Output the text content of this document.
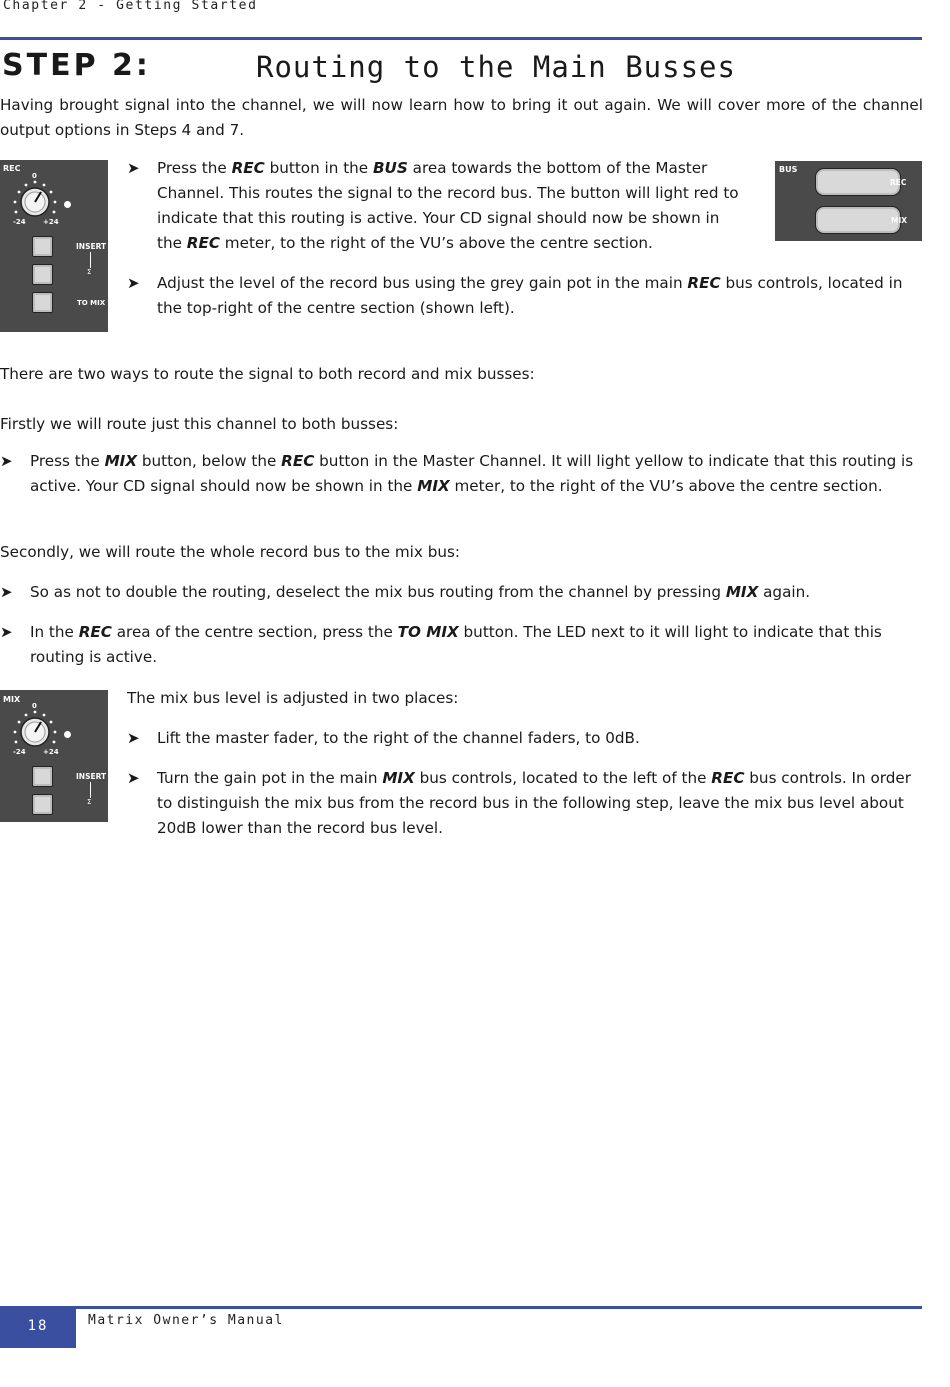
Chapter 2 - Getting Started
STEP 2:	Routing to the Main Busses
Having brought signal into the channel, we will now learn how to bring it out again. We will cover more of the channel output options in Steps 4 and 7.
REC
0
-24 +24
INSERT
Σ
TO MIX
➤ Press the REC button in the BUS area towards the bottom of the Master Channel. This routes the signal to the record bus. The button will light red to indicate that this routing is active. Your CD signal should now be shown in the REC meter, to the right of the VU’s above the centre section.
BUS
REC
MIX
➤ Adjust the level of the record bus using the grey gain pot in the main REC bus controls, located in the top-right of the centre section (shown left).
There are two ways to route the signal to both record and mix busses:
Firstly we will route just this channel to both busses:
➤ Press the MIX button, below the REC button in the Master Channel. It will light yellow to indicate that this routing is active. Your CD signal should now be shown in the MIX meter, to the right of the VU’s above the centre section.
Secondly, we will route the whole record bus to the mix bus:
➤ So as not to double the routing, deselect the mix bus routing from the channel by pressing MIX again.
➤ In the REC area of the centre section, press the TO MIX button. The LED next to it will light to indicate that this routing is active.
MIX
0
-24 +24
INSERT
Σ
The mix bus level is adjusted in two places:
➤ Lift the master fader, to the right of the channel faders, to 0dB.
➤ Turn the gain pot in the main MIX bus controls, located to the left of the REC bus controls. In order to distinguish the mix bus from the record bus in the following step, leave the mix bus level about 20dB lower than the record bus level.
18	Matrix Owner’s Manual
